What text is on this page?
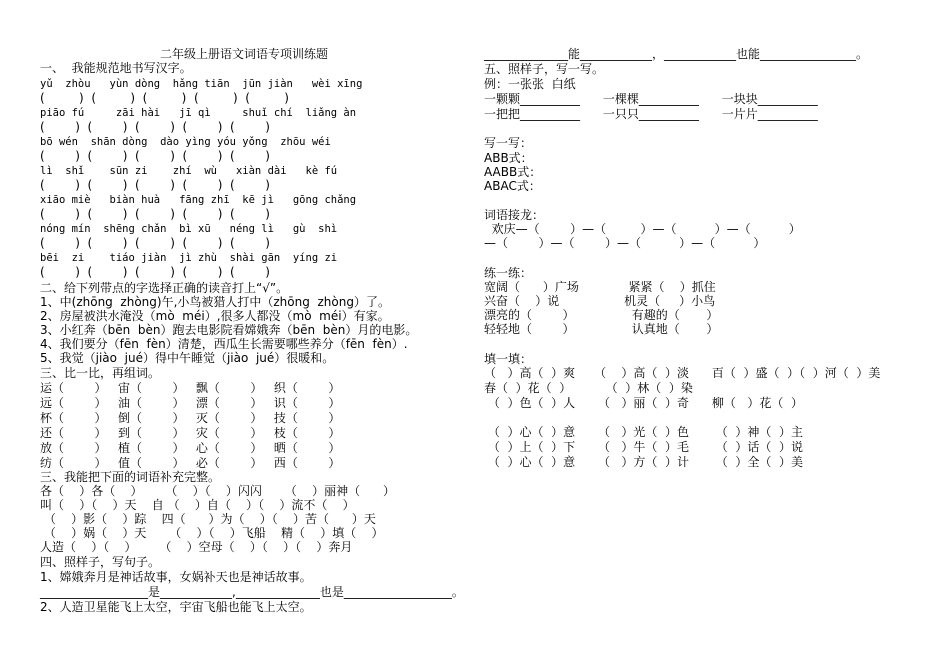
二年级上册语文词语专项训练题
一、  我能规范地书写汉字。
yǔ  zhòu   yùn dòng  hǎng tiān  jūn jiàn   wèi xīng
(         )  (         )  (         )  (         )  (         )
piāo fú     zāi hài   jī qì     shuǐ chí  liǎng àn
(        )  (        )  (        )  (        )  (        )
bō wén  shān dòng  dào yìng yóu yǒng  zhōu wéi
(        )  (        )  (        )  (        )  (        )
lì  shǐ    sūn zi    zhí  wù   xiàn dài   kè fú
(        )  (        )  (        )  (        )  (        )
xiāo miè   biàn huà   fāng zhī  kē jì   gōng chǎng
(        )  (        )  (        )  (        )  (        )
nóng mín  shēng chǎn  bì xū   néng lì   gù  shì
(        )  (        )  (        )  (        )  (        )
bēi  zi    tiáo jiàn  jì zhù  shài gān  yíng zi
(        )  (        )  (        )  (        )  (        )
二、给下列带点的字选择正确的读音打上“√”。
1、中(zhōng  zhòng)午,小鸟被猎人打中（zhōng  zhòng）了。
2、房屋被洪水淹没（mò  méi）,很多人都没（mò  méi）有家。
3、小红奔（bēn  bèn）跑去电影院看嫦娥奔（bēn  bèn）月的电影。
4、我们要分（fēn  fèn）清楚，西瓜生长需要哪些养分（fēn  fèn）.
5、我觉（jiào  jué）得中午睡觉（jiào  jué）很暖和。
三、比一比，再组词。
运（        ）   宙（        ）   飘（        ）   织（        ）
远（        ）   油（        ）   漂（        ）   识（        ）
杯（        ）   倒（        ）   灭（        ）   技（        ）
还（        ）   到（        ）   灾（        ）   枝（        ）
放（        ）   植（        ）   心（        ）   晒（        ）
纺（        ）   值（        ）   必（        ）   西（        ）
三、我能把下面的词语补充完整。
各（    ）各（    ）      （    ）（    ）闪闪      （    ）丽神（      ）
叫（    ）（    ）天    自 （    ）自（    ）（    ）流不（    ）
（    ）影（    ）踪    四（      ）为（    ）（    ）苦（      ）天
（    ）娲（    ）天      （    ）（    ）飞船    精（    ）填（    ）
人造（    ）（    ）      （    ）空母（    ）（    ）（    ）奔月
四、照样子，写句子。
1、嫦娥奔月是神话故事，女娲补天也是神话故事。
__________________是____________,______________也是__________________。
2、人造卫星能飞上太空，宇宙飞船也能飞上太空。
______________能____________，____________也能________________。
五、照样子，写一写。
例：一张张  白纸
一颗颗__________      一棵棵__________      一块块__________
一把把__________      一只只__________      一片片__________
写一写：
ABB式：
AABB式：
ABAC式：
词语接龙：
欢庆—（        ）—（         ）—（          ）—（          ）
—（        ）—（        ）—（          ）—（          ）
练一练：
宽阔（      ）广场             紧紧（    ）抓住
兴奋（    ）说                 机灵（     ）小鸟
漂亮的（        ）               有趣的（       ）
轻轻地（        ）               认真地（       ）
填一填：
（   ）高（  ）爽     （    ）高（  ）淡      百（  ）盛（  ）（  ）河（  ）美
春（  ）花（  ）         （  ）林（  ）染
（  ）色（  ）人      （   ）丽（  ）奇      柳（   ）花（  ）
（  ）心（  ）意      （   ）光（  ）色       （  ）神（  ）主
（  ）上（  ）下      （   ）牛（  ）毛       （  ）话（  ）说
（  ）心（  ）意      （   ）方（  ）计       （  ）全（  ）美
